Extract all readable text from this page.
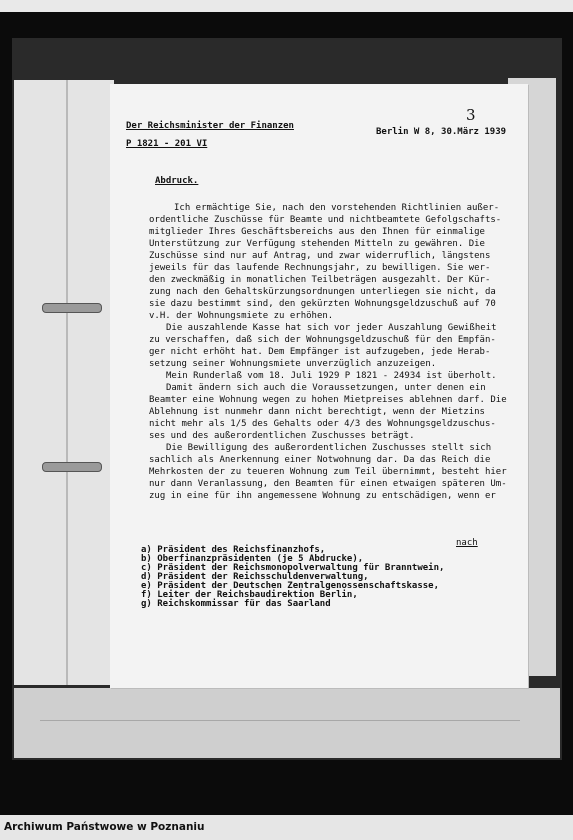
3

Der Reichsminister der Finanzen

P 1821 - 201 VI

Berlin W 8, 30.März 1939

Abdruck.

Ich ermächtige Sie, nach den vorstehenden Richtlinien außer-

ordentliche Zuschüsse für Beamte und nichtbeamtete Gefolgschafts-

mitglieder Ihres Geschäftsbereichs aus den Ihnen für einmalige

Unterstützung zur Verfügung stehenden Mitteln zu gewähren. Die

Zuschüsse sind nur auf Antrag, und zwar widerruflich, längstens

jeweils für das laufende Rechnungsjahr, zu bewilligen. Sie wer-

den zweckmäßig in monatlichen Teilbeträgen ausgezahlt. Der Kür-

zung nach den Gehaltskürzungsordnungen unterliegen sie nicht, da

sie dazu bestimmt sind, den gekürzten Wohnungsgeldzuschuß auf 70

v.H. der Wohnungsmiete zu erhöhen.

Die auszahlende Kasse hat sich vor jeder Auszahlung Gewißheit

zu verschaffen, daß sich der Wohnungsgeldzuschuß für den Empfän-

ger nicht erhöht hat. Dem Empfänger ist aufzugeben, jede Herab-

setzung seiner Wohnungsmiete unverzüglich anzuzeigen.

Mein Runderlaß vom 18. Juli 1929 P 1821 - 24934 ist überholt.

Damit ändern sich auch die Voraussetzungen, unter denen ein

Beamter eine Wohnung wegen zu hohen Mietpreises ablehnen darf. Die

Ablehnung ist nunmehr dann nicht berechtigt, wenn der Mietzins

nicht mehr als 1/5 des Gehalts oder 4/3 des Wohnungsgeldzuschus-

ses und des außerordentlichen Zuschusses beträgt.

Die Bewilligung des außerordentlichen Zuschusses stellt sich

sachlich als Anerkennung einer Notwohnung dar. Da das Reich die

Mehrkosten der zu teueren Wohnung zum Teil übernimmt, besteht hier

nur dann Veranlassung, den Beamten für einen etwaigen späteren Um-

zug in eine für ihn angemessene Wohnung zu entschädigen, wenn er

nach

a) Präsident des Reichsfinanzhofs,

b) Oberfinanzpräsidenten (je 5 Abdrucke),

c) Präsident der Reichsmonopolverwaltung für Branntwein,

d) Präsident der Reichsschuldenverwaltung,

e) Präsident der Deutschen Zentralgenossenschaftskasse,

f) Leiter der Reichsbaudirektion Berlin,

g) Reichskommissar für das Saarland

Archiwum Państwowe w Poznaniu
